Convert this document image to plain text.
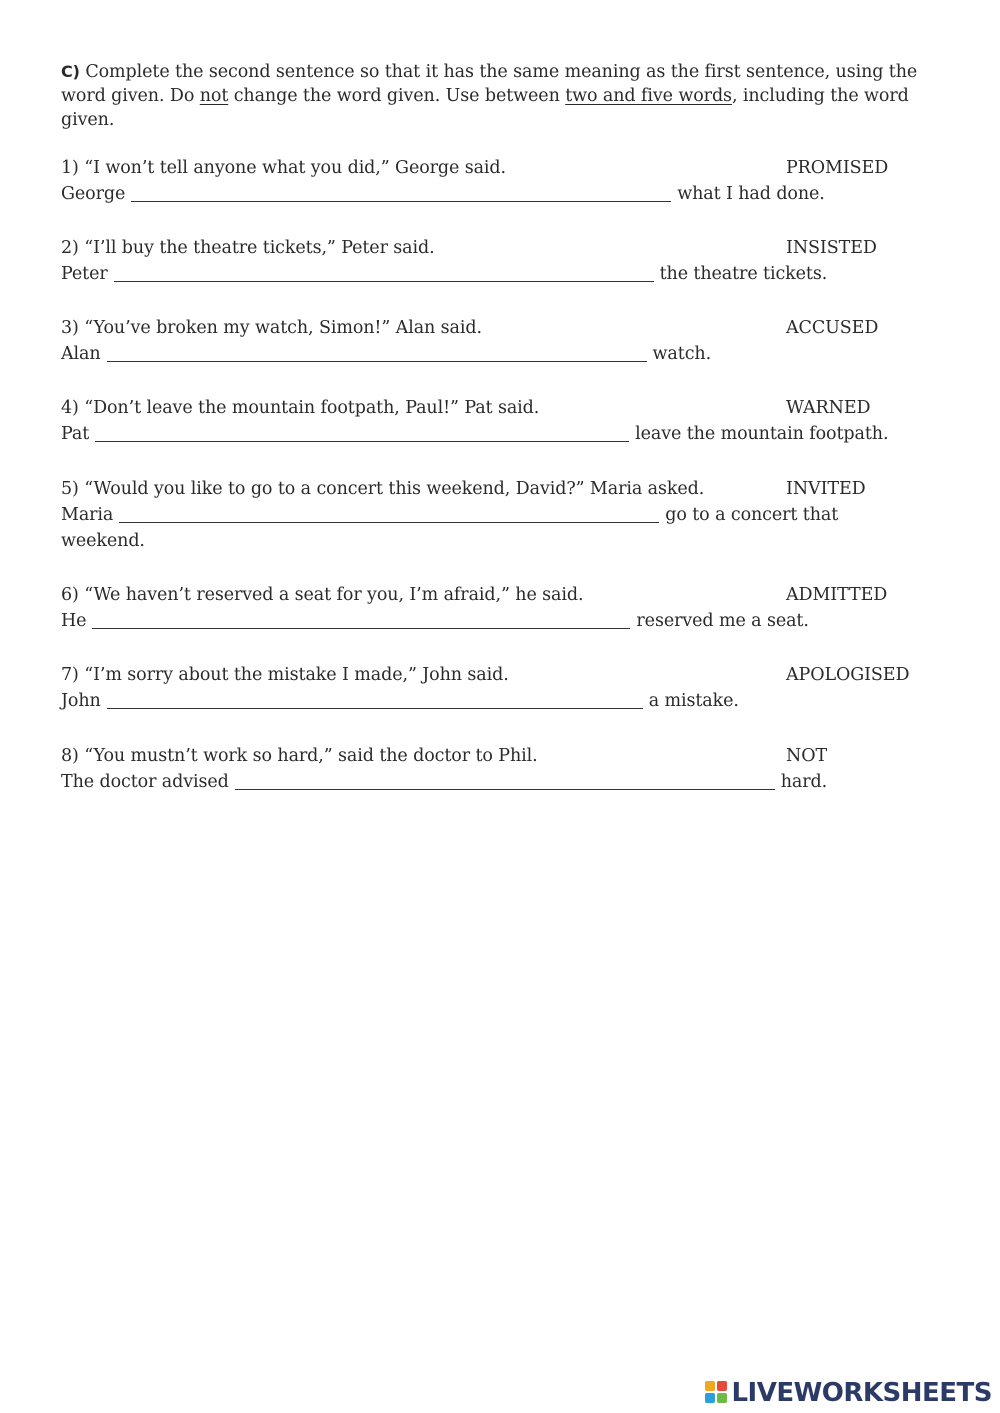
C) Complete the second sentence so that it has the same meaning as the first sentence, using the word given. Do not change the word given. Use between two and five words, including the word given.
1) “I won’t tell anyone what you did,” George said.	PROMISED
George	what I had done.
2) “I’ll buy the theatre tickets,” Peter said.	INSISTED
Peter	the theatre tickets.
3) “You’ve broken my watch, Simon!” Alan said.	ACCUSED
Alan	watch.
4) “Don’t leave the mountain footpath, Paul!” Pat said.	WARNED
Pat	leave the mountain footpath.
5) “Would you like to go to a concert this weekend, David?” Maria asked.	INVITED
Maria	go to a concert that weekend.
6) “We haven’t reserved a seat for you, I’m afraid,” he said.	ADMITTED
He	reserved me a seat.
7) “I’m sorry about the mistake I made,” John said.	APOLOGISED
John	a mistake.
8) “You mustn’t work so hard,” said the doctor to Phil.	NOT
The doctor advised	hard.
LIVEWORKSHEETS
